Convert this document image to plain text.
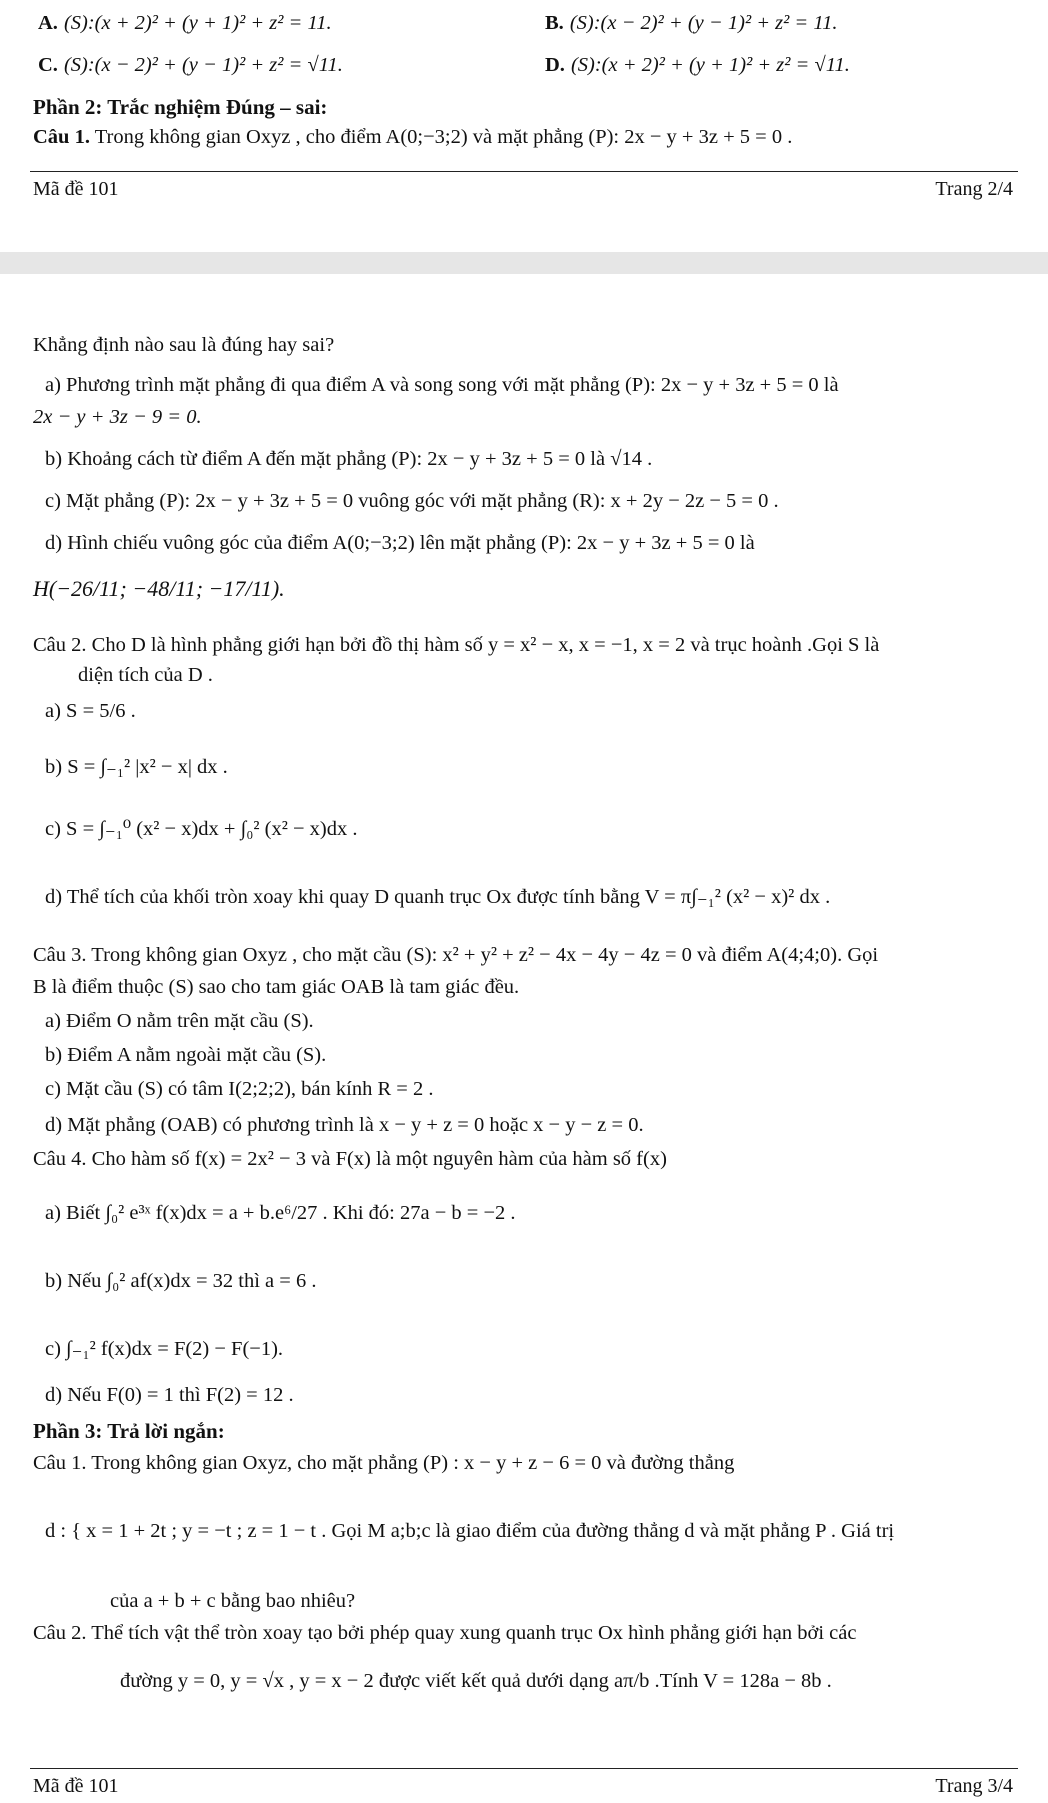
A. (S):(x + 2)² + (y + 1)² + z² = 11.	B. (S):(x − 2)² + (y − 1)² + z² = 11.
C. (S):(x − 2)² + (y − 1)² + z² = √11.	D. (S):(x + 2)² + (y + 1)² + z² = √11.
Phần 2: Trắc nghiệm Đúng – sai:
Câu 1. Trong không gian Oxyz , cho điểm A(0;−3;2) và mặt phẳng (P): 2x − y + 3z + 5 = 0 .
Mã đề 101	Trang 2/4
Khẳng định nào sau là đúng hay sai?
a) Phương trình mặt phẳng đi qua điểm A và song song với mặt phẳng (P): 2x − y + 3z + 5 = 0 là
2x − y + 3z − 9 = 0.
b) Khoảng cách từ điểm A đến mặt phẳng (P): 2x − y + 3z + 5 = 0 là √14 .
c) Mặt phẳng (P): 2x − y + 3z + 5 = 0 vuông góc với mặt phẳng (R): x + 2y − 2z − 5 = 0 .
d) Hình chiếu vuông góc của điểm A(0;−3;2) lên mặt phẳng (P): 2x − y + 3z + 5 = 0 là
H(−26/11; −48/11; −17/11).
Câu 2. Cho D là hình phẳng giới hạn bởi đồ thị hàm số y = x² − x, x = −1, x = 2 và trục hoành .Gọi S là
diện tích của D .
a) S = 5/6 .
b) S = ∫₋₁² |x² − x| dx .
c) S = ∫₋₁⁰ (x² − x)dx + ∫₀² (x² − x)dx .
d) Thể tích của khối tròn xoay khi quay D quanh trục Ox được tính bằng V = π∫₋₁² (x² − x)² dx .
Câu 3. Trong không gian Oxyz , cho mặt cầu (S): x² + y² + z² − 4x − 4y − 4z = 0 và điểm A(4;4;0). Gọi
B là điểm thuộc (S) sao cho tam giác OAB là tam giác đều.
a) Điểm O nằm trên mặt cầu (S).
b) Điểm A nằm ngoài mặt cầu (S).
c) Mặt cầu (S) có tâm I(2;2;2), bán kính R = 2 .
d) Mặt phẳng (OAB) có phương trình là x − y + z = 0 hoặc x − y − z = 0.
Câu 4. Cho hàm số f(x) = 2x² − 3 và F(x) là một nguyên hàm của hàm số f(x)
a) Biết ∫₀² e³ˣ f(x)dx = a + b.e⁶/27 . Khi đó: 27a − b = −2 .
b) Nếu ∫₀² af(x)dx = 32 thì a = 6 .
c) ∫₋₁² f(x)dx = F(2) − F(−1).
d) Nếu F(0) = 1 thì F(2) = 12 .
Phần 3: Trả lời ngắn:
Câu 1. Trong không gian Oxyz, cho mặt phẳng (P) : x − y + z − 6 = 0 và đường thẳng
d : { x = 1 + 2t ; y = −t ; z = 1 − t . Gọi M a;b;c là giao điểm của đường thẳng d và mặt phẳng P . Giá trị
của a + b + c bằng bao nhiêu?
Câu 2. Thể tích vật thể tròn xoay tạo bởi phép quay xung quanh trục Ox hình phẳng giới hạn bởi các
đường y = 0, y = √x , y = x − 2 được viết kết quả dưới dạng aπ/b .Tính V = 128a − 8b .
Mã đề 101	Trang 3/4
